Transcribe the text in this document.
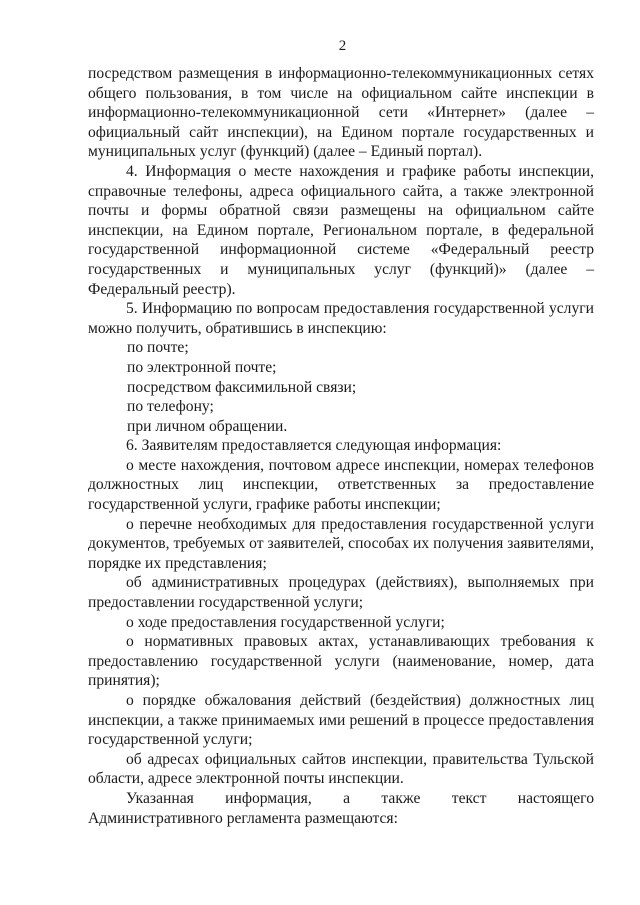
2

посредством размещения в информационно-телекоммуникационных сетях общего пользования, в том числе на официальном сайте инспекции в информационно-телекоммуникационной сети «Интернет» (далее – официальный сайт инспекции), на Едином портале государственных и муниципальных услуг (функций) (далее – Единый портал).

4. Информация о месте нахождения и графике работы инспекции, справочные телефоны, адреса официального сайта, а также электронной почты и формы обратной связи размещены на официальном сайте инспекции, на Едином портале, Региональном портале, в федеральной государственной информационной системе «Федеральный реестр государственных и муниципальных услуг (функций)» (далее – Федеральный реестр).

5. Информацию по вопросам предоставления государственной услуги можно получить, обратившись в инспекцию:

по почте;

по электронной почте;

посредством факсимильной связи;

по телефону;

при личном обращении.

6. Заявителям предоставляется следующая информация:

о месте нахождения, почтовом адресе инспекции, номерах телефонов должностных лиц инспекции, ответственных за предоставление государственной услуги, графике работы инспекции;

о перечне необходимых для предоставления государственной услуги документов, требуемых от заявителей, способах их получения заявителями, порядке их представления;

об административных процедурах (действиях), выполняемых при предоставлении государственной услуги;

о ходе предоставления государственной услуги;

о нормативных правовых актах, устанавливающих требования к предоставлению государственной услуги (наименование, номер, дата принятия);

о порядке обжалования действий (бездействия) должностных лиц инспекции, а также принимаемых ими решений в процессе предоставления государственной услуги;

об адресах официальных сайтов инспекции, правительства Тульской области, адресе электронной почты инспекции.

Указанная информация, а также текст настоящего Административного регламента размещаются:
